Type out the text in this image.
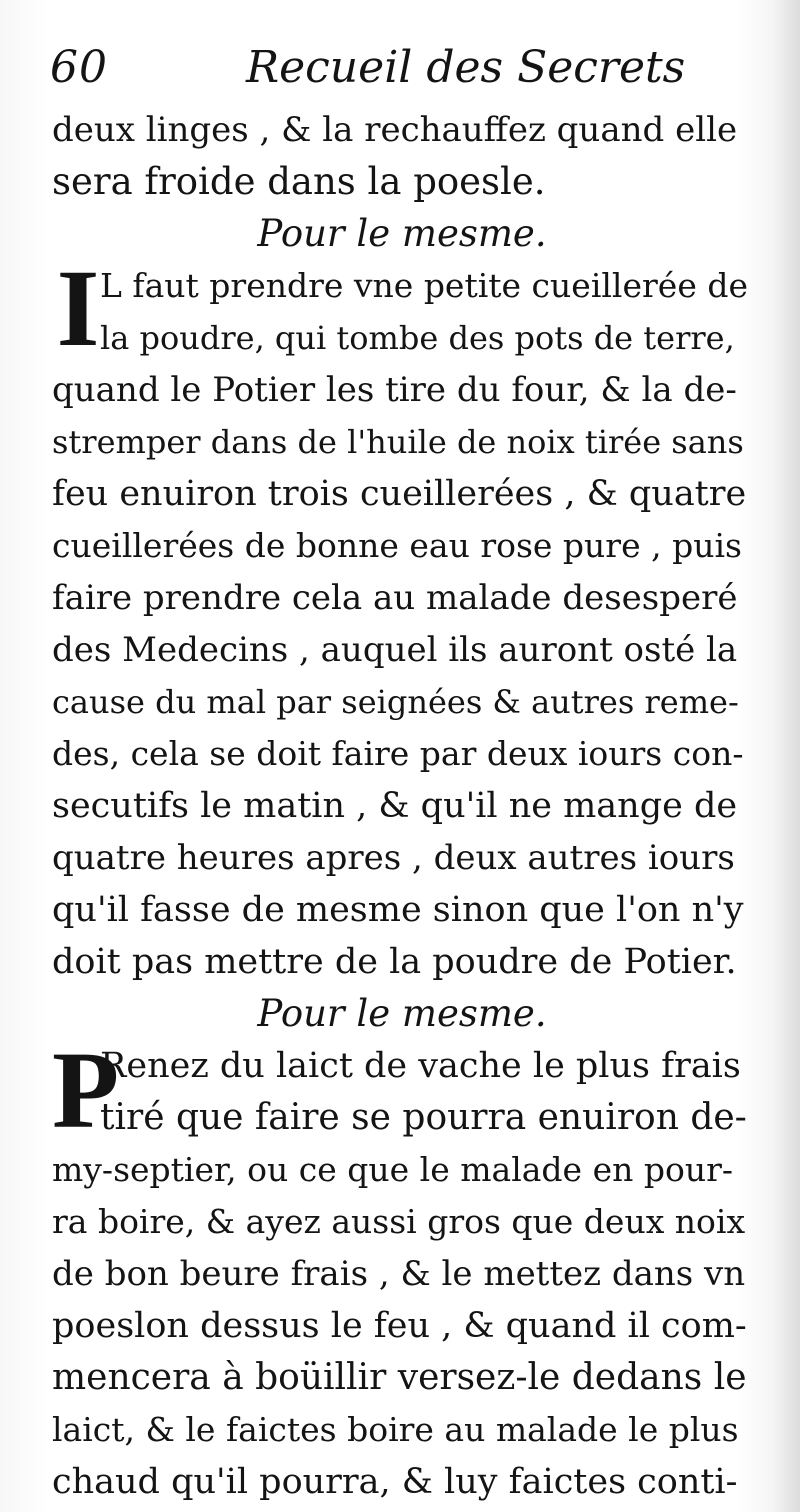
60	Recueil des Secrets

deux linges , & la rechauffez quand elle

sera froide dans la poesle.

Pour le mesme.

I L faut prendre vne petite cueillerée de

la poudre, qui tombe des pots de terre,

quand le Potier les tire du four, & la de-

stremper dans de l'huile de noix tirée sans

feu enuiron trois cueillerées , & quatre

cueillerées de bonne eau rose pure , puis

faire prendre cela au malade desesperé

des Medecins , auquel ils auront osté la

cause du mal par seignées & autres reme-

des, cela se doit faire par deux iours con-

secutifs le matin , & qu'il ne mange de

quatre heures apres , deux autres iours

qu'il fasse de mesme sinon que l'on n'y

doit pas mettre de la poudre de Potier.

Pour le mesme.

P

Renez du laict de vache le plus frais

tiré que faire se pourra enuiron de-

my-septier, ou ce que le malade en pour-

ra boire, & ayez aussi gros que deux noix

de bon beure frais , & le mettez dans vn

poeslon dessus le feu , & quand il com-

mencera à boüillir versez-le dedans le

laict, & le faictes boire au malade le plus

chaud qu'il pourra, & luy faictes conti-
